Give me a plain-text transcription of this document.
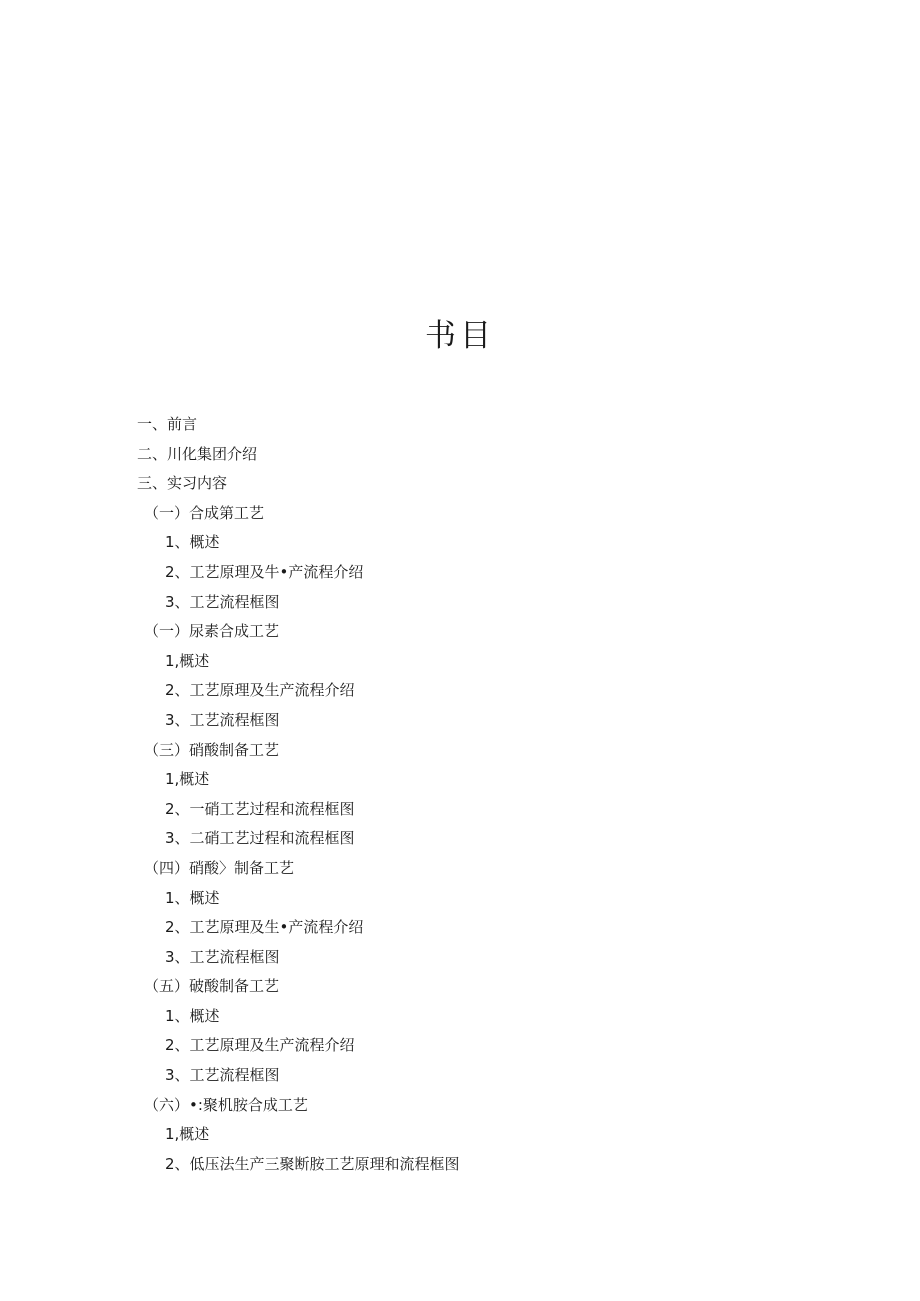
书目
一、前言
二、川化集团介绍
三、实习内容
（一）合成第工艺
1、概述
2、工艺原理及牛•产流程介绍
3、工艺流程框图
（一）尿素合成工艺
1,概述
2、工艺原理及生产流程介绍
3、工艺流程框图
（三）硝酸制备工艺
1,概述
2、一硝工艺过程和流程框图
3、二硝工艺过程和流程框图
（四）硝酸〉制备工艺
1、概述
2、工艺原理及生•产流程介绍
3、工艺流程框图
（五）破酸制备工艺
1、概述
2、工艺原理及生产流程介绍
3、工艺流程框图
（六）•:聚机胺合成工艺
1,概述
2、低压法生产三聚断胺工艺原理和流程框图
